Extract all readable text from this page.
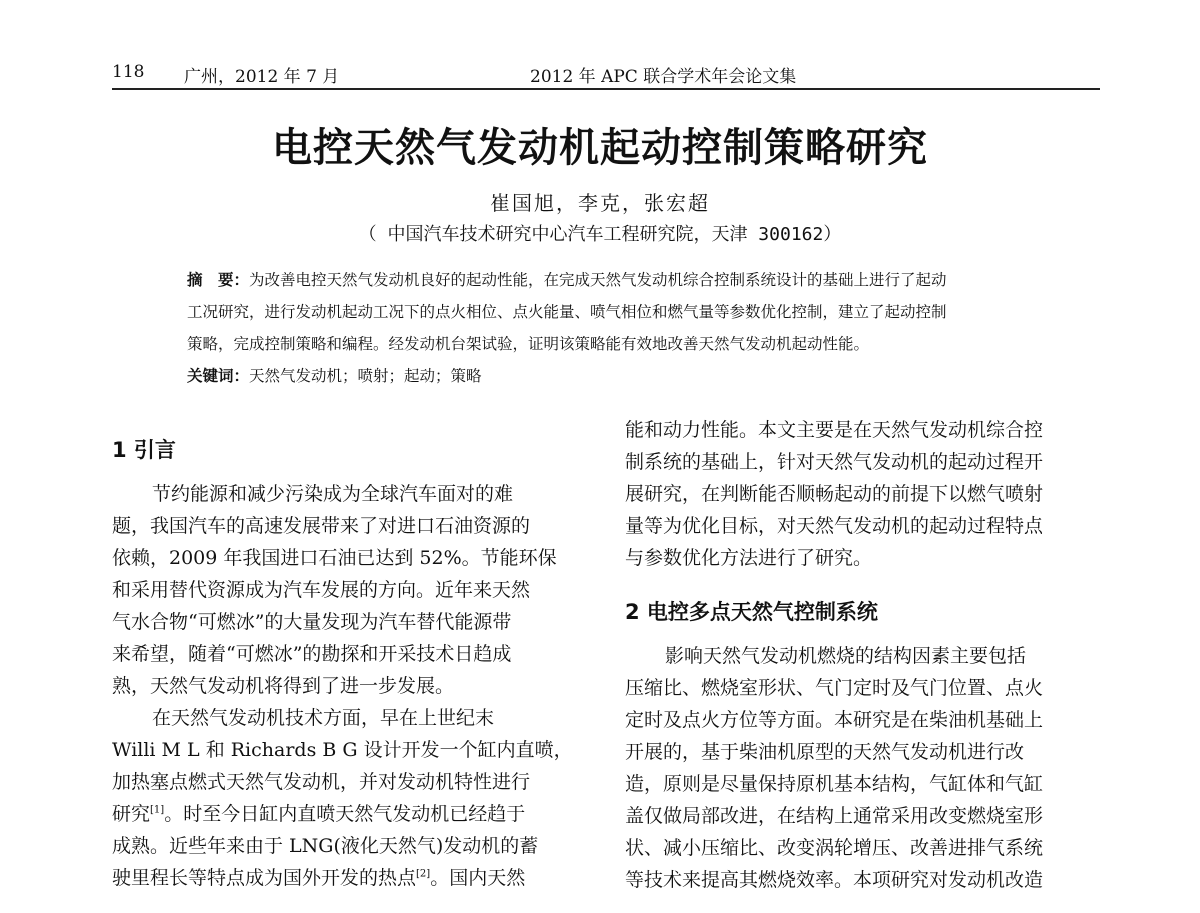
118 广州，2012 年 7 月	2012 年 APC 联合学术年会论文集
电控天然气发动机起动控制策略研究
崔国旭，李克，张宏超
（ 中国汽车技术研究中心汽车工程研究院，天津 300162）
摘　要：为改善电控天然气发动机良好的起动性能，在完成天然气发动机综合控制系统设计的基础上进行了起动
工况研究，进行发动机起动工况下的点火相位、点火能量、喷气相位和燃气量等参数优化控制，建立了起动控制
策略，完成控制策略和编程。经发动机台架试验，证明该策略能有效地改善天然气发动机起动性能。
关键词：天然气发动机；喷射；起动；策略
1 引言
节约能源和减少污染成为全球汽车面对的难
题，我国汽车的高速发展带来了对进口石油资源的
依赖，2009 年我国进口石油已达到 52%。节能环保
和采用替代资源成为汽车发展的方向。近年来天然
气水合物“可燃冰”的大量发现为汽车替代能源带
来希望，随着“可燃冰”的勘探和开采技术日趋成
熟，天然气发动机将得到了进一步发展。
在天然气发动机技术方面，早在上世纪末
Willi M L 和 Richards B G 设计开发一个缸内直喷，
加热塞点燃式天然气发动机，并对发动机特性进行
研究[1]。时至今日缸内直喷天然气发动机已经趋于
成熟。近些年来由于 LNG(液化天然气)发动机的蓄
驶里程长等特点成为国外开发的热点[2]。国内天然
能和动力性能。本文主要是在天然气发动机综合控
制系统的基础上，针对天然气发动机的起动过程开
展研究，在判断能否顺畅起动的前提下以燃气喷射
量等为优化目标，对天然气发动机的起动过程特点
与参数优化方法进行了研究。
2 电控多点天然气控制系统
影响天然气发动机燃烧的结构因素主要包括
压缩比、燃烧室形状、气门定时及气门位置、点火
定时及点火方位等方面。本研究是在柴油机基础上
开展的，基于柴油机原型的天然气发动机进行改
造，原则是尽量保持原机基本结构，气缸体和气缸
盖仅做局部改进，在结构上通常采用改变燃烧室形
状、减小压缩比、改变涡轮增压、改善进排气系统
等技术来提高其燃烧效率。本项研究对发动机改造
